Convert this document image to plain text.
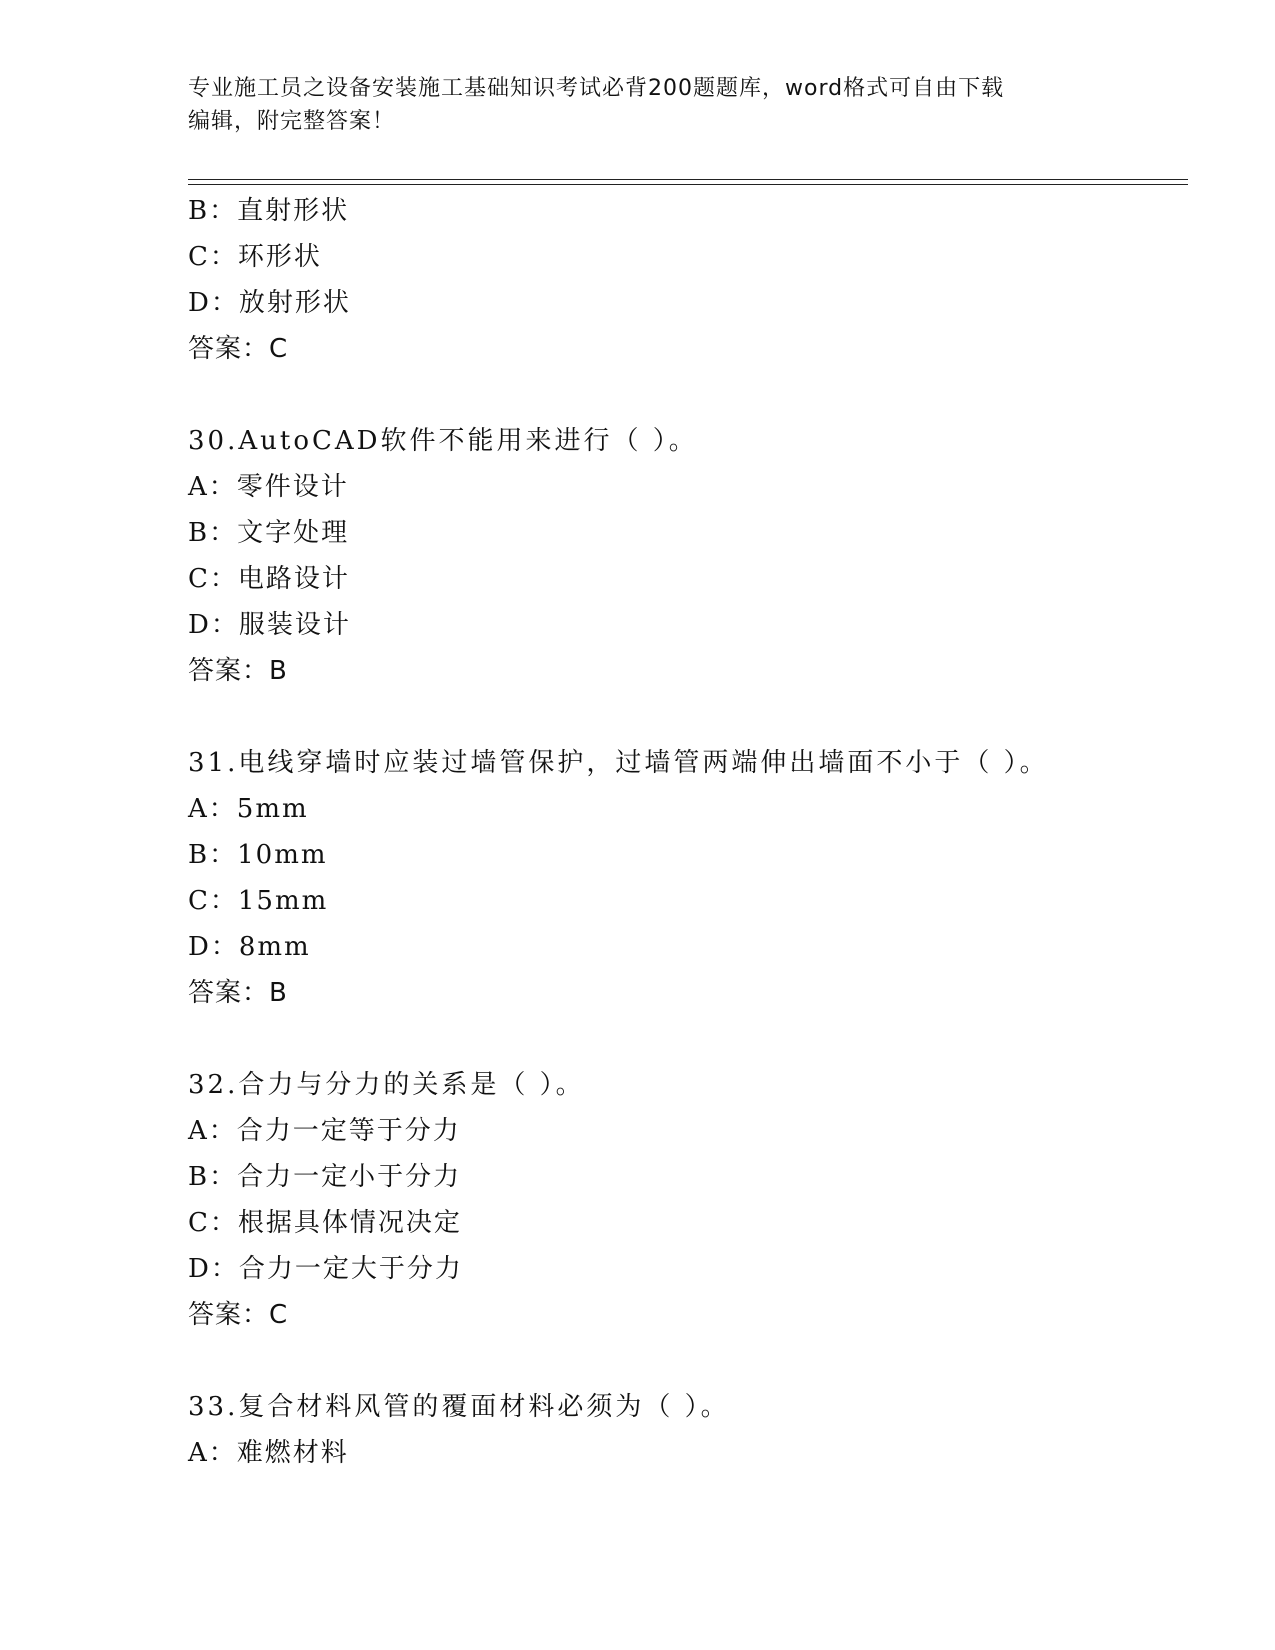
专业施工员之设备安装施工基础知识考试必背200题题库，word格式可自由下载
编辑，附完整答案！
B：直射形状
C：环形状
D：放射形状
答案：C
30.AutoCAD软件不能用来进行（ ）。
A：零件设计
B：文字处理
C：电路设计
D：服装设计
答案：B
31.电线穿墙时应装过墙管保护，过墙管两端伸出墙面不小于（ ）。
A：5mm
B：10mm
C：15mm
D：8mm
答案：B
32.合力与分力的关系是（ ）。
A：合力一定等于分力
B：合力一定小于分力
C：根据具体情况决定
D：合力一定大于分力
答案：C
33.复合材料风管的覆面材料必须为（ ）。
A：难燃材料
